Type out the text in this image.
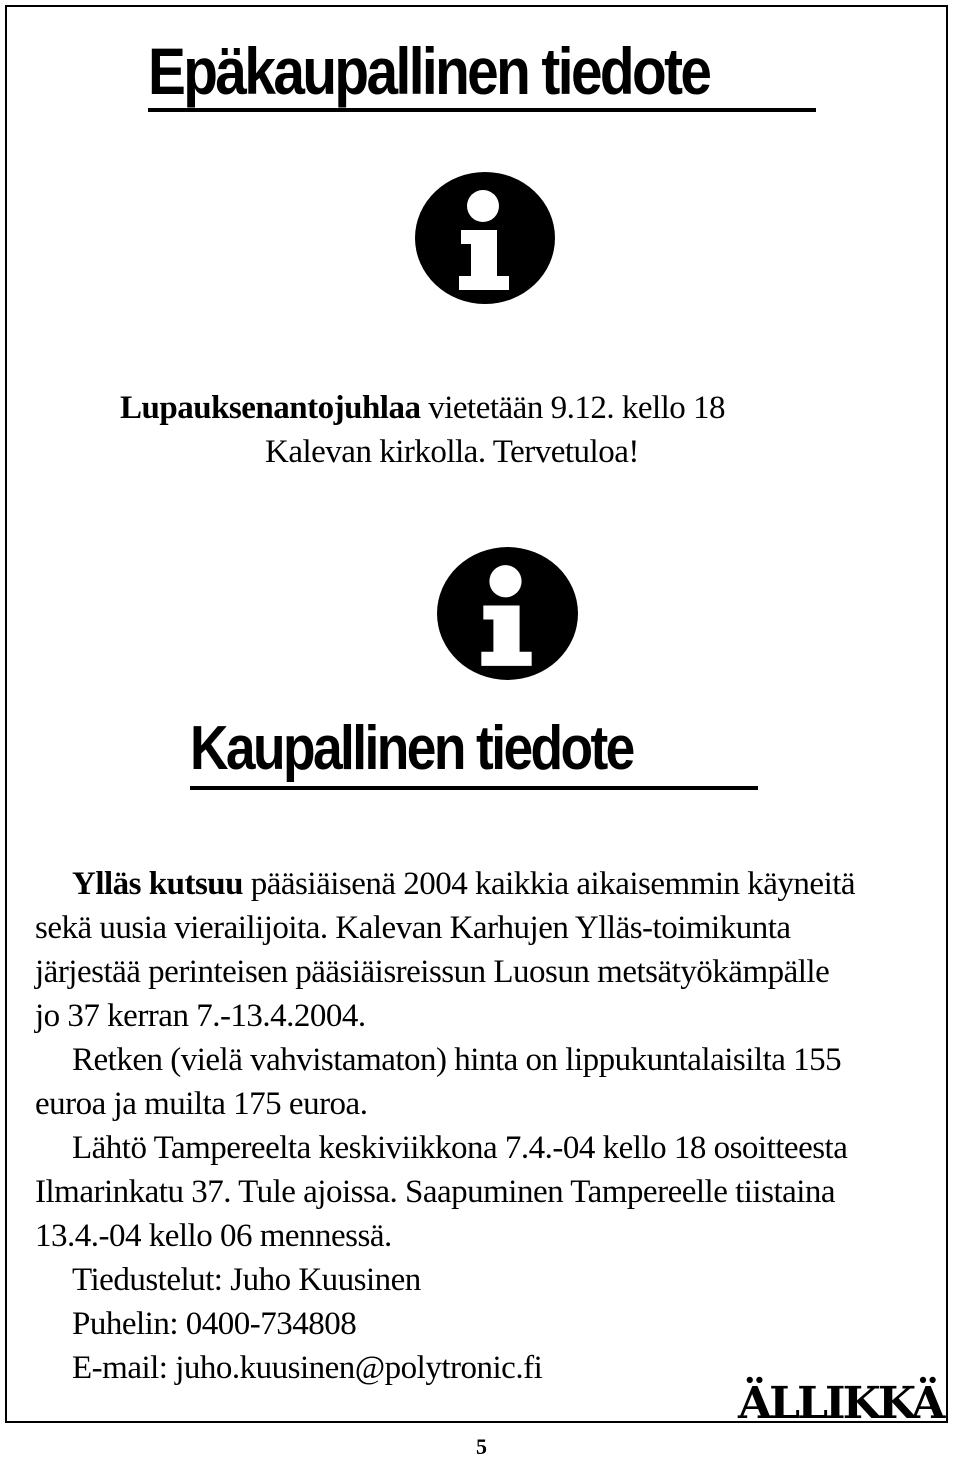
Epäkaupallinen tiedote
Lupauksenantojuhlaa vietetään 9.12. kello 18
Kalevan kirkolla. Tervetuloa!
Kaupallinen tiedote
Ylläs kutsuu pääsiäisenä 2004 kaikkia aikaisemmin käyneitä
sekä uusia vierailijoita. Kalevan Karhujen Ylläs-toimikunta
järjestää perinteisen pääsiäisreissun Luosun metsätyökämpälle
jo 37 kerran 7.-13.4.2004.
Retken (vielä vahvistamaton) hinta on lippukuntalaisilta 155
euroa ja muilta 175 euroa.
Lähtö Tampereelta keskiviikkona 7.4.-04 kello 18 osoitteesta
Ilmarinkatu 37. Tule ajoissa. Saapuminen Tampereelle tiistaina
13.4.-04 kello 06 mennessä.
Tiedustelut: Juho Kuusinen
Puhelin: 0400-734808
E-mail: juho.kuusinen@polytronic.fi
ÄLLIKKÄ
5
